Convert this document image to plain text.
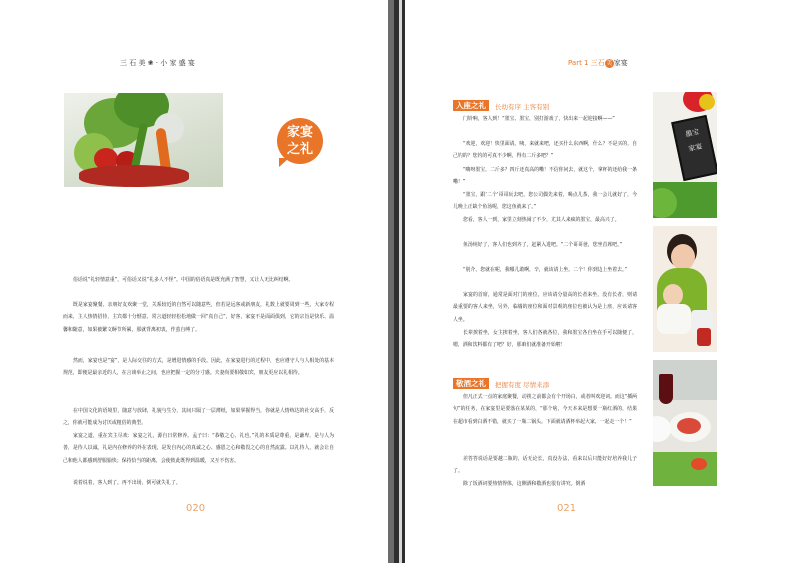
三 石 美 ❀ · 小 家 盛 宴
家宴
之礼

俗话说“礼轻情意重”，可俗话又说“礼多人不怪”。中国的俗语真是既充满了智慧，又让人无比纠结啊。

既是家宴聚餐，亲朋好友欢聚一堂，关系较近的自然可以随意些，但若是远客或新朋友，礼数上就要周到一些。大家专程而来，主人热情招待，主宾都十分惬意，常言道轻轻松松地做一回“真自己”，好客，家宴不是面面俱到，它的宗旨是快乐、温馨和随意，如果被繁文缛节所累，那就背离初衷，作茧自缚了。

然而，家宴也是“宴”，是人际交往的方式，是增进情感的手段。因此，在家宴进行的过程中，也应遵守人与人相处的基本规范，即便是最亲近的人，在言谈举止之间，也应把握一定的分寸感。夫妻尚要相敬如宾，朋友更应以礼相待。

在中国文化的语境里，随意与放肆，礼貌与生分，其间只隔了一层薄纸，如果掌握得当，你就是人情练达的社交高手，反之，你就可能成为讨厌或粗俗的典型。

家宴之道，重在宾主尽欢：家宴之礼，源自日常修养。孟子曰：“恭敬之心，礼也。”礼的本质是尊重，是谦卑，是与人为善，是待人以诚。礼是内在修养的外在表现，是发自内心的真诚之心、感恩之心和敬畏之心的自然流露。以礼待人，就会让自己和他人都感到舒服愉快；保持恰当的距离，会使彼此既得到温暖，又互不伤害。

说着说着，客人到了。再不出场，倒可就失礼了。

020
Part 1 三石美 家宴
入座之礼	长幼有序 主客有别

门铃响，客人到！“墨宝、墨宝，别打游戏了，快出来一起迎接啊——”

“欢迎，欢迎！快里面请。咦，来就来吧，还买什么东西啊，什么？不是买的，自己钓的？您钓的可真不少啊，得有二斤多吧？”

“嗨呀墨宝，二斤多？四斤还真高的嘞！不信你问去，就这个，拿杯的还给我一条嘞！”

“墨宝，跟‘二个’哥哥玩去吧。您公司偶先来着，喝点儿茶，我一会儿就好了，今儿晚上正缺个鱼汤呢，您这鱼就来了。”

您看，客人一到，家里立刻热闹了不少，尤其人来疯的墨宝，最高兴了。

鱼汤炖好了，客人们也到齐了，赶紧入进吧。“二个哥哥爸，您坐首席吧。”

“别介，您就在呢，我哪儿敢啊，辛，就该请上坐。二个！你到边上坐着去。”

家宴的首席，通常是面对门的座位，应该请分量高的长者来坐，没有长者，则请最重要的客人来坐，另外，临墙的座位和面对景观的座位也被认为是上座，应该请客人坐。

长辈挨着坐，女主挨着坐，客人们各就各位，我和墨宝各自坐在手可以随便了，嗯，酒和饮料都有了吧？好，那咱们就准备开始啦！

敬酒之礼	把握有度 尽情来添

但凡正式一点的家庭聚餐，动筷之前都会有个开场白，或者叫欢迎词。而这“插两句”的任务，在家宴里是要落在某某的，“那个啥，今天本来是想要一瓶红酒的，结果在超市看到白酒不错，就买了一瓶二锅头。下面就请酒杯举起大家，一起走一个！”

差答答说话是要越二瓶的，话无论长，真没办法，看来以后只能好好培养我儿子了。

除了饭酒词要热情得体，这侧酒和敬酒也很有讲究。倒酒

墨宝
家宴
021
